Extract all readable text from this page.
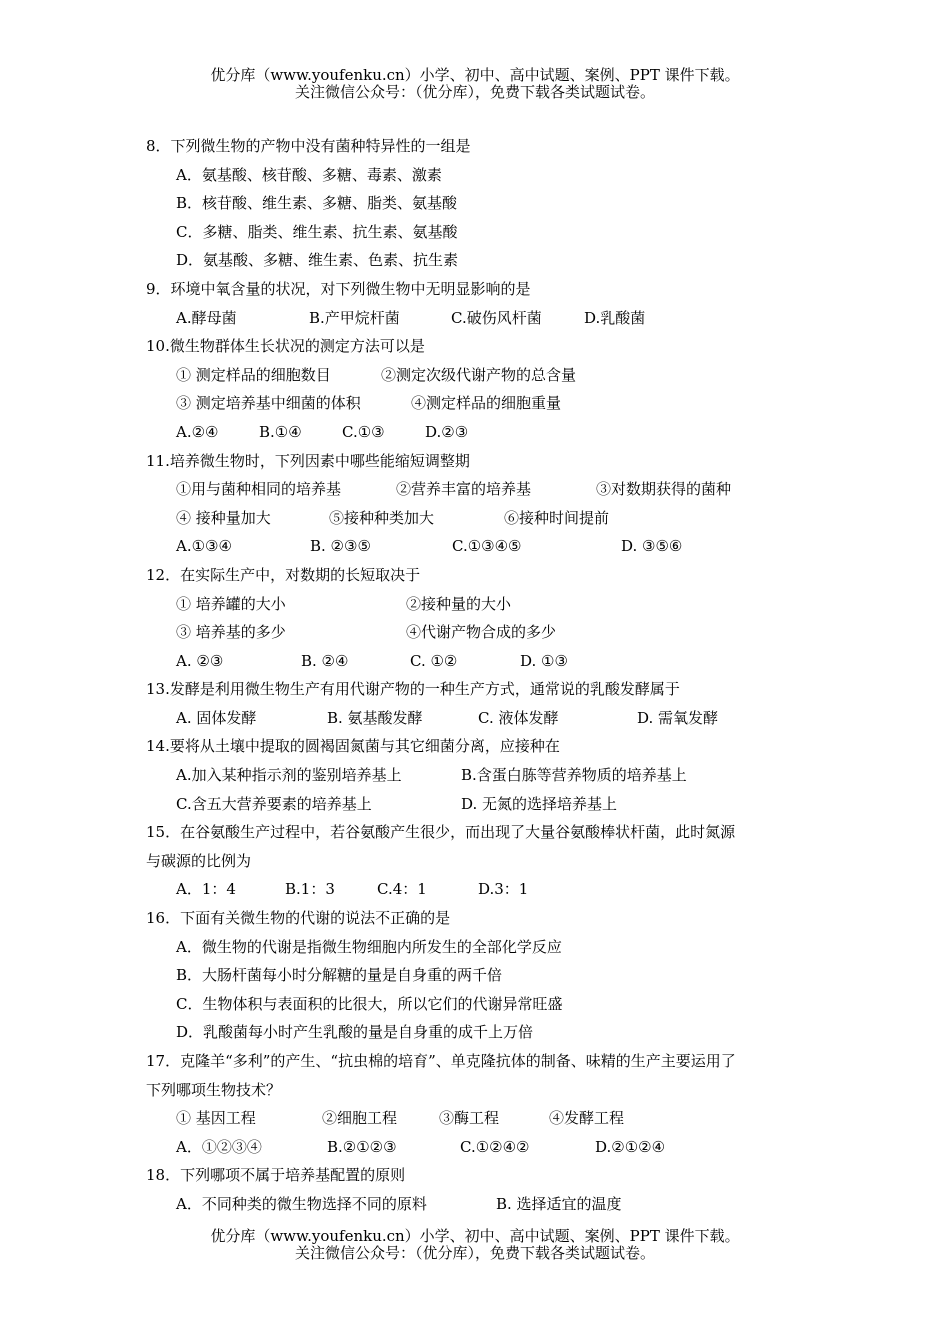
优分库（www.youfenku.cn）小学、初中、高中试题、案例、PPT 课件下载。
关注微信公众号：（优分库），免费下载各类试题试卷。
8．下列微生物的产物中没有菌种特异性的一组是
A．氨基酸、核苷酸、多糖、毒素、激素
B．核苷酸、维生素、多糖、脂类、氨基酸
C．多糖、脂类、维生素、抗生素、氨基酸
D．氨基酸、多糖、维生素、色素、抗生素
9．环境中氧含量的状况，对下列微生物中无明显影响的是
A.酵母菌	B.产甲烷杆菌	C.破伤风杆菌	D.乳酸菌
10.微生物群体生长状况的测定方法可以是
① 测定样品的细胞数目	②测定次级代谢产物的总含量
③ 测定培养基中细菌的体积	④测定样品的细胞重量
A.②④	B.①④	C.①③	D.②③
11.培养微生物时，下列因素中哪些能缩短调整期
①用与菌种相同的培养基	②营养丰富的培养基	③对数期获得的菌种
④ 接种量加大	⑤接种种类加大	⑥接种时间提前
A.①③④	B. ②③⑤	C.①③④⑤	D. ③⑤⑥
12．在实际生产中，对数期的长短取决于
① 培养罐的大小	②接种量的大小
③ 培养基的多少	④代谢产物合成的多少
A. ②③	B. ②④	C. ①②	D. ①③
13.发酵是利用微生物生产有用代谢产物的一种生产方式，通常说的乳酸发酵属于
A. 固体发酵	B. 氨基酸发酵	C. 液体发酵	D. 需氧发酵
14.要将从土壤中提取的圆褐固氮菌与其它细菌分离，应接种在
A.加入某种指示剂的鉴别培养基上	B.含蛋白胨等营养物质的培养基上
C.含五大营养要素的培养基上	D. 无氮的选择培养基上
15．在谷氨酸生产过程中，若谷氨酸产生很少，而出现了大量谷氨酸棒状杆菌，此时氮源
与碳源的比例为
A．1：4	B.1：3	C.4：1	D.3：1
16．下面有关微生物的代谢的说法不正确的是
A．微生物的代谢是指微生物细胞内所发生的全部化学反应
B．大肠杆菌每小时分解糖的量是自身重的两千倍
C．生物体积与表面积的比很大，所以它们的代谢异常旺盛
D．乳酸菌每小时产生乳酸的量是自身重的成千上万倍
17．克隆羊“多利”的产生、“抗虫棉的培育”、单克隆抗体的制备、味精的生产主要运用了
下列哪项生物技术？
① 基因工程	②细胞工程	③酶工程	④发酵工程
A．①②③④	B.②①②③	C.①②④②	D.②①②④
18．下列哪项不属于培养基配置的原则
A．不同种类的微生物选择不同的原料	B. 选择适宜的温度
优分库（www.youfenku.cn）小学、初中、高中试题、案例、PPT 课件下载。
关注微信公众号：（优分库），免费下载各类试题试卷。
